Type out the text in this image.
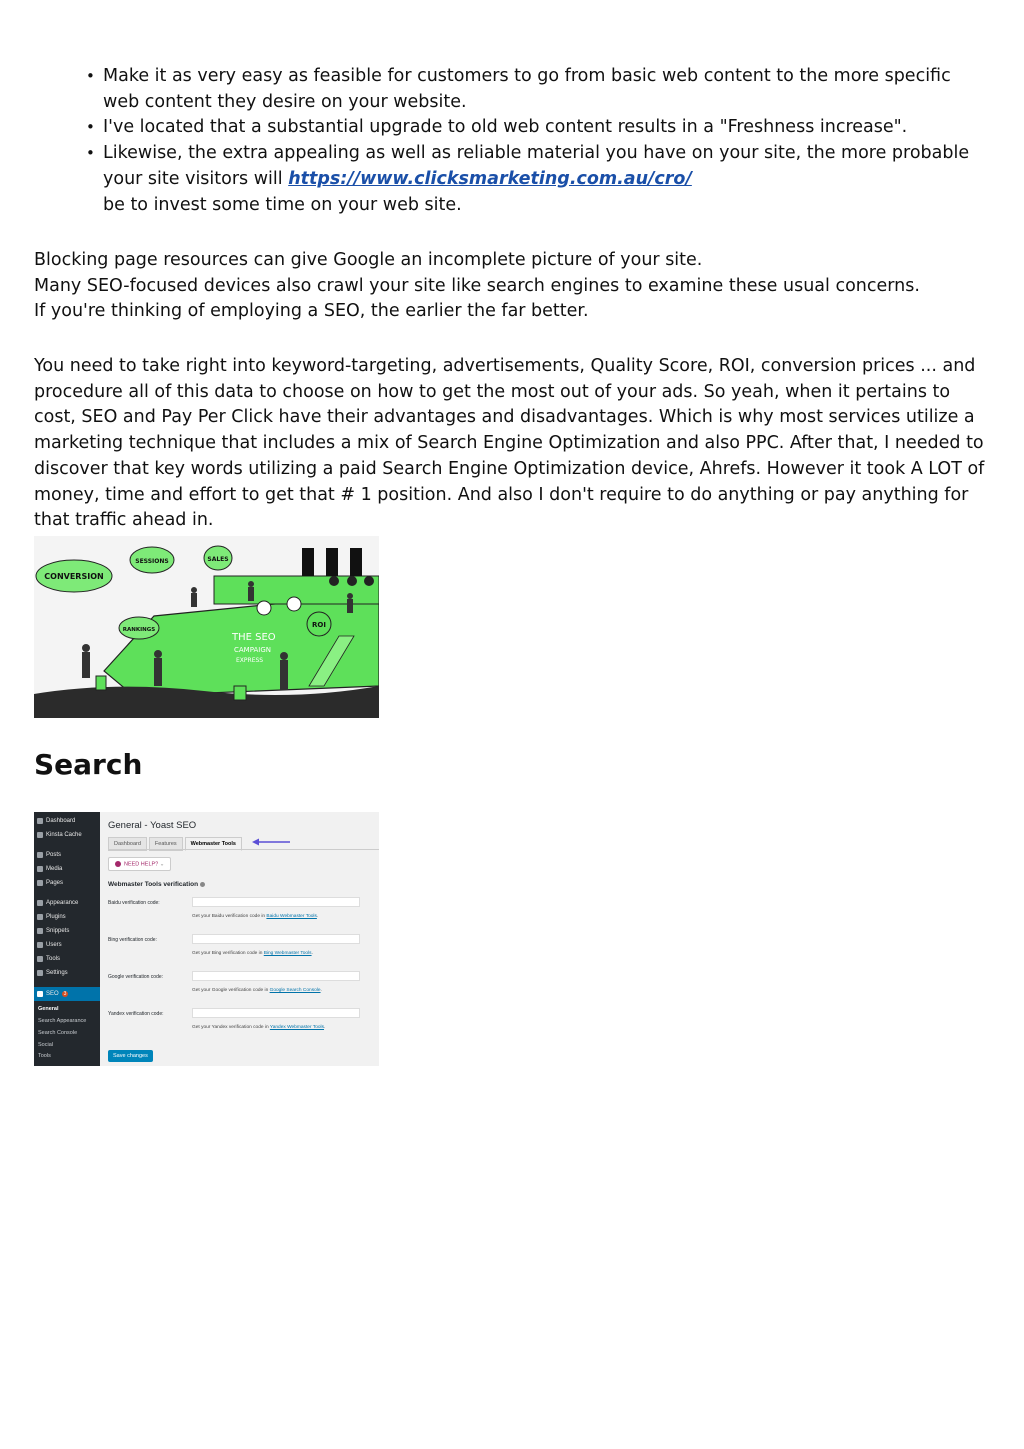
• Make it as very easy as feasible for customers to go from basic web content to the more specific web content they desire on your website.
• I've located that a substantial upgrade to old web content results in a "Freshness increase".
• Likewise, the extra appealing as well as reliable material you have on your site, the more probable your site visitors will https://www.clicksmarketing.com.au/cro/
be to invest some time on your web site.

Blocking page resources can give Google an incomplete picture of your site.
Many SEO-focused devices also crawl your site like search engines to examine these usual concerns.
If you're thinking of employing a SEO, the earlier the far better.

You need to take right into keyword-targeting, advertisements, Quality Score, ROI, conversion prices ... and procedure all of this data to choose on how to get the most out of your ads. So yeah, when it pertains to cost, SEO and Pay Per Click have their advantages and disadvantages. Which is why most services utilize a marketing technique that includes a mix of Search Engine Optimization and also PPC. After that, I needed to discover that key words utilizing a paid Search Engine Optimization device, Ahrefs. However it took A LOT of money, time and effort to get that # 1 position. And also I don't require to do anything or pay anything for that traffic ahead in.

CONVERSION
SESSIONS	SALES
RANKINGS
ROI
THE SEO
CAMPAIGN
EXPRESS
Search
Dashboard
Kinsta Cache
Posts
Media
Pages
Appearance
Plugins
Snippets
Users
Tools
Settings
SEO	3
General
Search Appearance
Search Console
Social
Tools
General - Yoast SEO
Dashboard	Features	Webmaster Tools
NEED HELP? ⌄
Webmaster Tools verification
Baidu verification code:
Get your Baidu verification code in Baidu Webmaster Tools.
Bing verification code:
Get your Bing verification code in Bing Webmaster Tools.
Google verification code:
Get your Google verification code in Google Search Console.
Yandex verification code:
Get your Yandex verification code in Yandex Webmaster Tools.
Save changes
